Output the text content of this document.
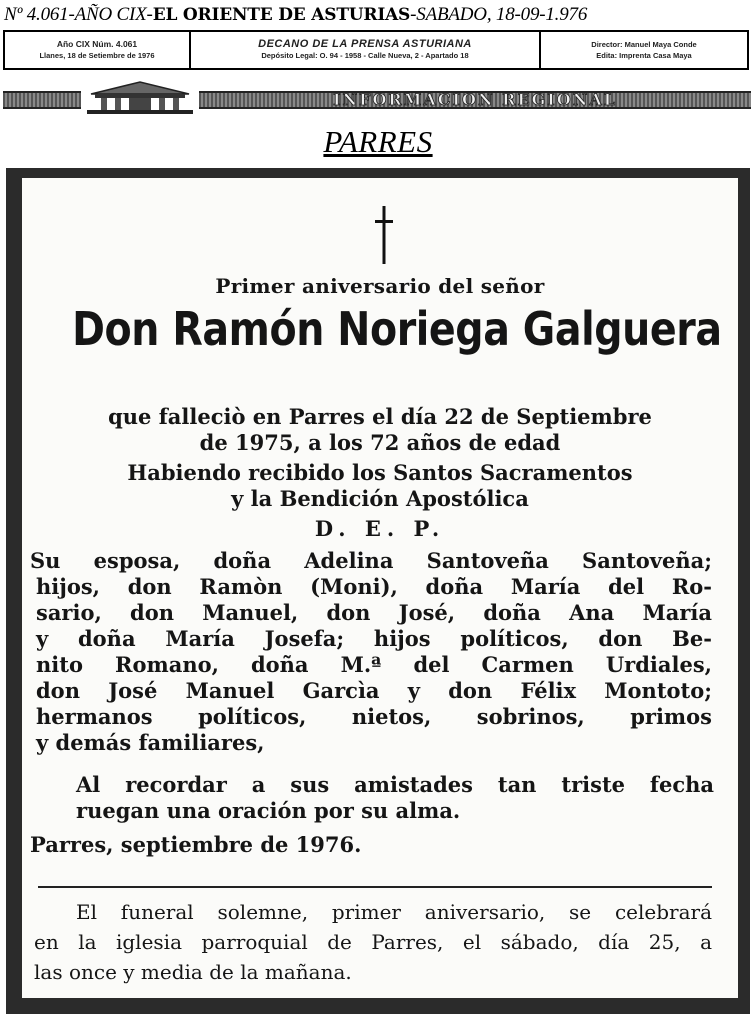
Nº 4.061-AÑO CIX-EL ORIENTE DE ASTURIAS-SABADO, 18-09-1.976
Año CIX Núm. 4.061
Llanes, 18 de Setiembre de 1976
DECANO DE LA PRENSA ASTURIANA
Depósito Legal: O. 94 - 1958 - Calle Nueva, 2 - Apartado 18
Director: Manuel Maya Conde
Edita: Imprenta Casa Maya
INFORMACION REGIONAL
PARRES
Primer aniversario del señor
Don Ramón Noriega Galguera
que falleciò en Parres el día 22 de Septiembre
de 1975, a los 72 años de edad
Habiendo recibido los Santos Sacramentos
y la Bendición Apostólica
D. E. P.
Su esposa, doña Adelina Santoveña Santoveña;
hijos, don Ramòn (Moni), doña María del Ro-
sario, don Manuel, don José, doña Ana María
y doña María Josefa; hijos políticos, don Be-
nito Romano, doña M.ª del Carmen Urdiales,
don José Manuel Garcìa y don Félix Montoto;
hermanos políticos, nietos, sobrinos, primos
y demás familiares,
Al recordar a sus amistades tan triste fecha
ruegan una oración por su alma.
Parres, septiembre de 1976.
El funeral solemne, primer aniversario, se celebrará
en la iglesia parroquial de Parres, el sábado, día 25, a
las once y media de la mañana.
